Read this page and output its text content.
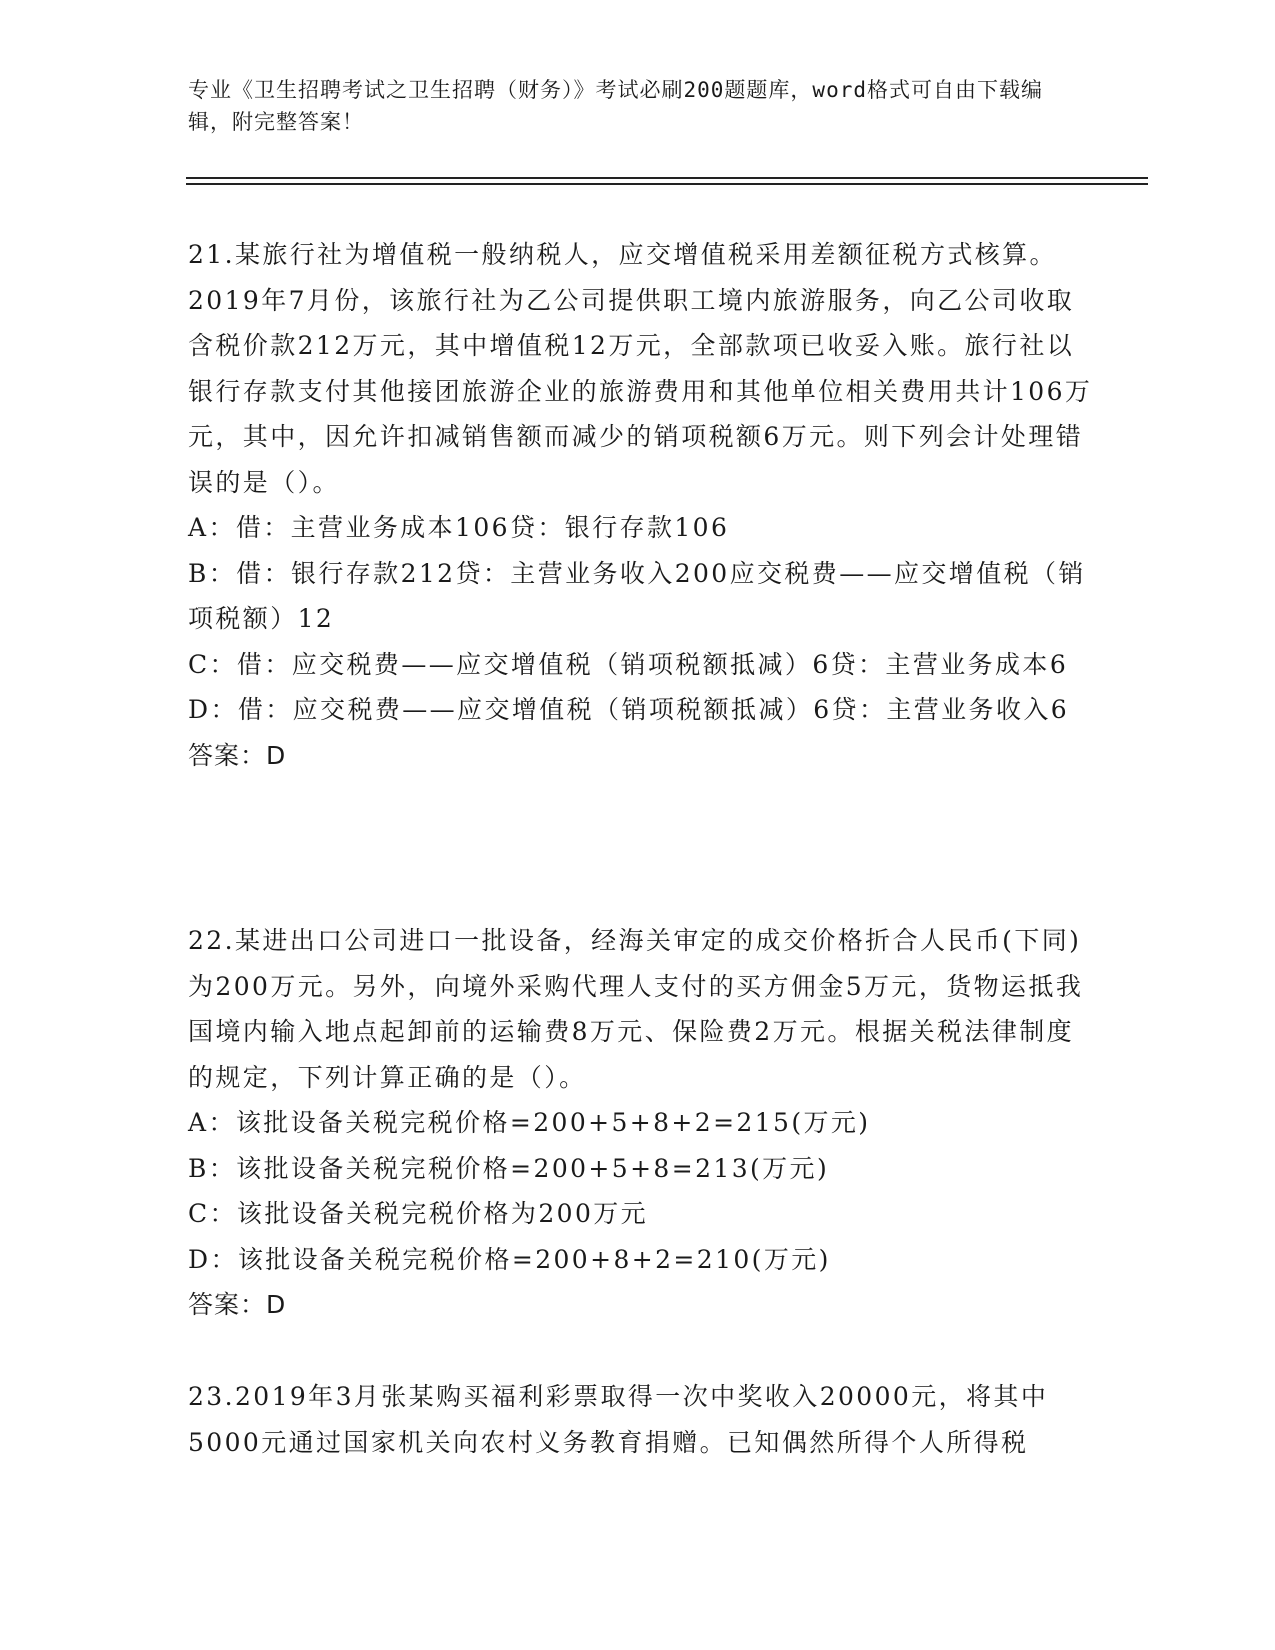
专业《卫生招聘考试之卫生招聘（财务）》考试必刷200题题库，word格式可自由下载编辑，附完整答案！

21.某旅行社为增值税一般纳税人，应交增值税采用差额征税方式核算。2019年7月份，该旅行社为乙公司提供职工境内旅游服务，向乙公司收取含税价款212万元，其中增值税12万元，全部款项已收妥入账。旅行社以银行存款支付其他接团旅游企业的旅游费用和其他单位相关费用共计106万元，其中，因允许扣减销售额而减少的销项税额6万元。则下列会计处理错误的是（）。

A：借：主营业务成本106贷：银行存款106

B：借：银行存款212贷：主营业务收入200应交税费——应交增值税（销项税额）12

C：借：应交税费——应交增值税（销项税额抵减）6贷：主营业务成本6

D：借：应交税费——应交增值税（销项税额抵减）6贷：主营业务收入6

答案：D

22.某进出口公司进口一批设备，经海关审定的成交价格折合人民币(下同)为200万元。另外，向境外采购代理人支付的买方佣金5万元，货物运抵我国境内输入地点起卸前的运输费8万元、保险费2万元。根据关税法律制度的规定，下列计算正确的是（）。

A：该批设备关税完税价格=200+5+8+2=215(万元)

B：该批设备关税完税价格=200+5+8=213(万元)

C：该批设备关税完税价格为200万元

D：该批设备关税完税价格=200+8+2=210(万元)

答案：D

23.2019年3月张某购买福利彩票取得一次中奖收入20000元，将其中5000元通过国家机关向农村义务教育捐赠。已知偶然所得个人所得税
